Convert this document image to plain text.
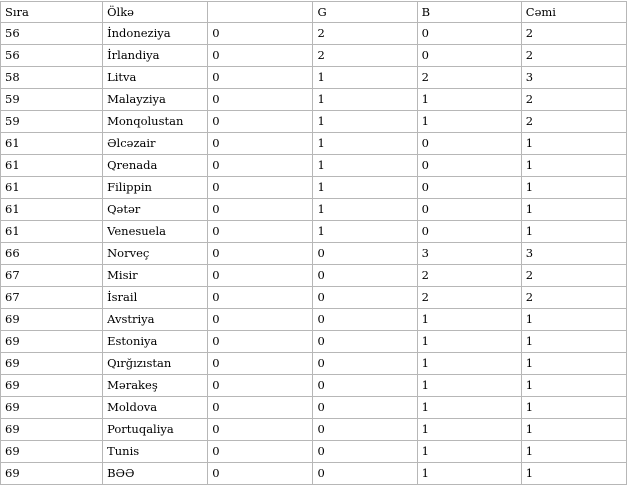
Sıra	Ölkə		G	B	Cəmi
56	İndoneziya	0	2	0	2
56	İrlandiya	0	2	0	2
58	Litva	0	1	2	3
59	Malayziya	0	1	1	2
59	Monqolustan	0	1	1	2
61	Əlcəzair	0	1	0	1
61	Qrenada	0	1	0	1
61	Filippin	0	1	0	1
61	Qətər	0	1	0	1
61	Venesuela	0	1	0	1
66	Norveç	0	0	3	3
67	Misir	0	0	2	2
67	İsrail	0	0	2	2
69	Avstriya	0	0	1	1
69	Estoniya	0	0	1	1
69	Qırğızıstan	0	0	1	1
69	Mərakeş	0	0	1	1
69	Moldova	0	0	1	1
69	Portuqaliya	0	0	1	1
69	Tunis	0	0	1	1
69	BƏƏ	0	0	1	1
